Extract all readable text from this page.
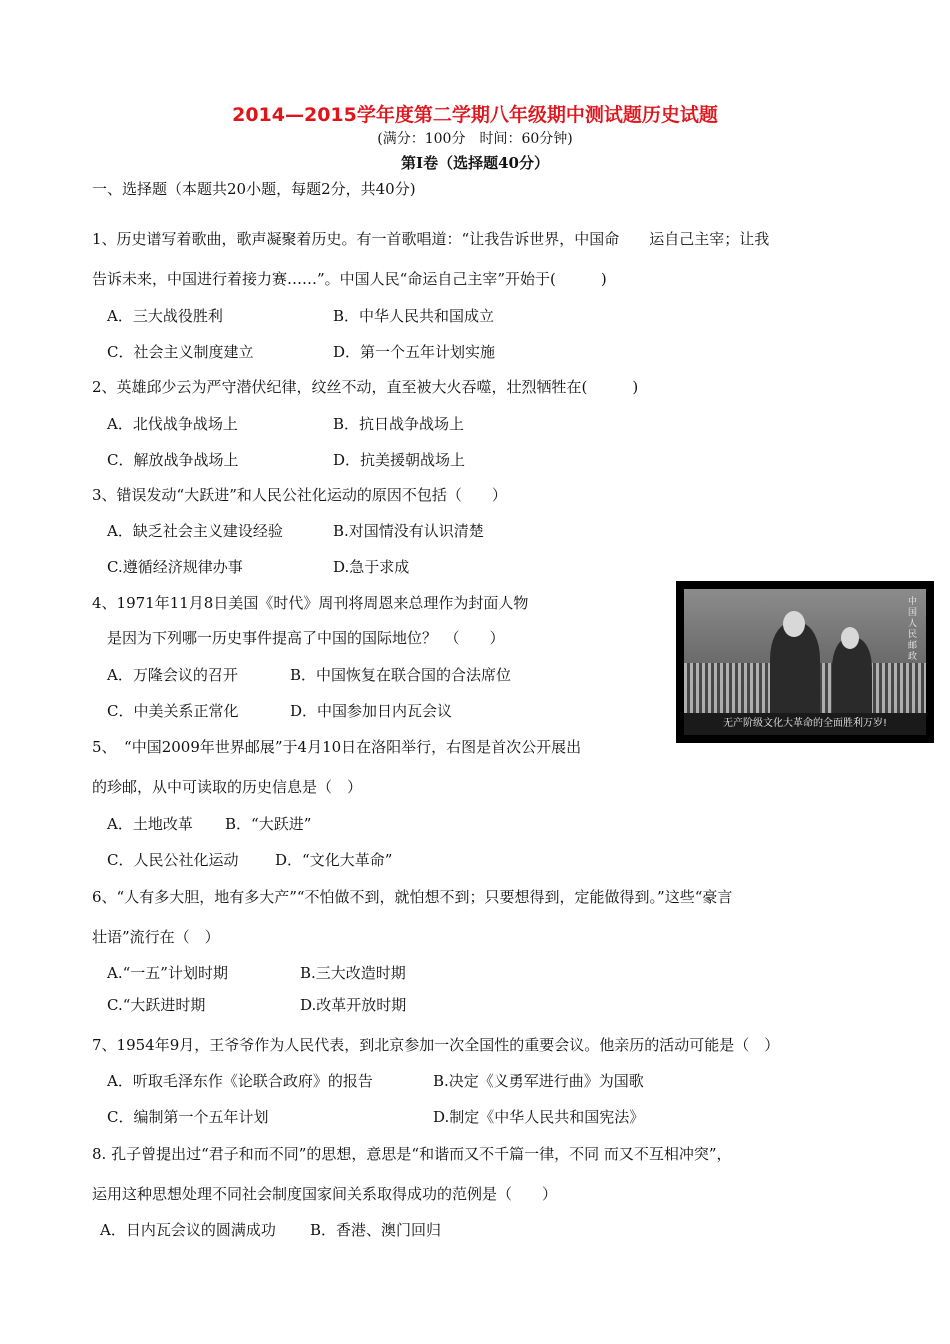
2014—2015学年度第二学期八年级期中测试题历史试题
(满分：100分　时间：60分钟)
第Ⅰ卷（选择题40分）
一、选择题（本题共20小题，每题2分，共40分)
1、历史谱写着歌曲，歌声凝聚着历史。有一首歌唱道：“让我告诉世界，中国命　　运自己主宰；让我
告诉未来，中国进行着接力赛……”。中国人民“命运自己主宰”开始于(　　　)
A．三大战役胜利	B．中华人民共和国成立
C．社会主义制度建立	D．第一个五年计划实施
2、英雄邱少云为严守潜伏纪律，纹丝不动，直至被大火吞噬，壮烈牺牲在(　　　)
A．北伐战争战场上	B．抗日战争战场上
C．解放战争战场上	D．抗美援朝战场上
3、错误发动“大跃进”和人民公社化运动的原因不包括（　　）
A．缺乏社会主义建设经验	B.对国情没有认识清楚
C.遵循经济规律办事	D.急于求成
4、1971年11月8日美国《时代》周刊将周恩来总理作为封面人物
是因为下列哪一历史事件提高了中国的国际地位？　（　　）
A．万隆会议的召开	B．中国恢复在联合国的合法席位
C．中美关系正常化	D．中国参加日内瓦会议
中国人民邮政
无产阶级文化大革命的全面胜利万岁!
5、　“中国2009年世界邮展”于4月10日在洛阳举行，右图是首次公开展出
的珍邮，从中可读取的历史信息是（　）
A．土地改革 B．“大跃进”
C．人民公社化运动 D．“文化大革命”
6、“人有多大胆，地有多大产”“不怕做不到，就怕想不到；只要想得到，定能做得到。”这些“豪言
壮语”流行在（　）
A.“一五”计划时期	B.三大改造时期
C.“大跃进时期	D.改革开放时期
7、1954年9月，王爷爷作为人民代表，到北京参加一次全国性的重要会议。他亲历的活动可能是（　）
A．听取毛泽东作《论联合政府》的报告	B.决定《义勇军进行曲》为国歌
C．编制第一个五年计划	D.制定《中华人民共和国宪法》
8. 孔子曾提出过“君子和而不同”的思想，意思是“和谐而又不千篇一律，不同 而又不互相冲突”，
运用这种思想处理不同社会制度国家间关系取得成功的范例是（　　）
A．日内瓦会议的圆满成功 B．香港、澳门回归
